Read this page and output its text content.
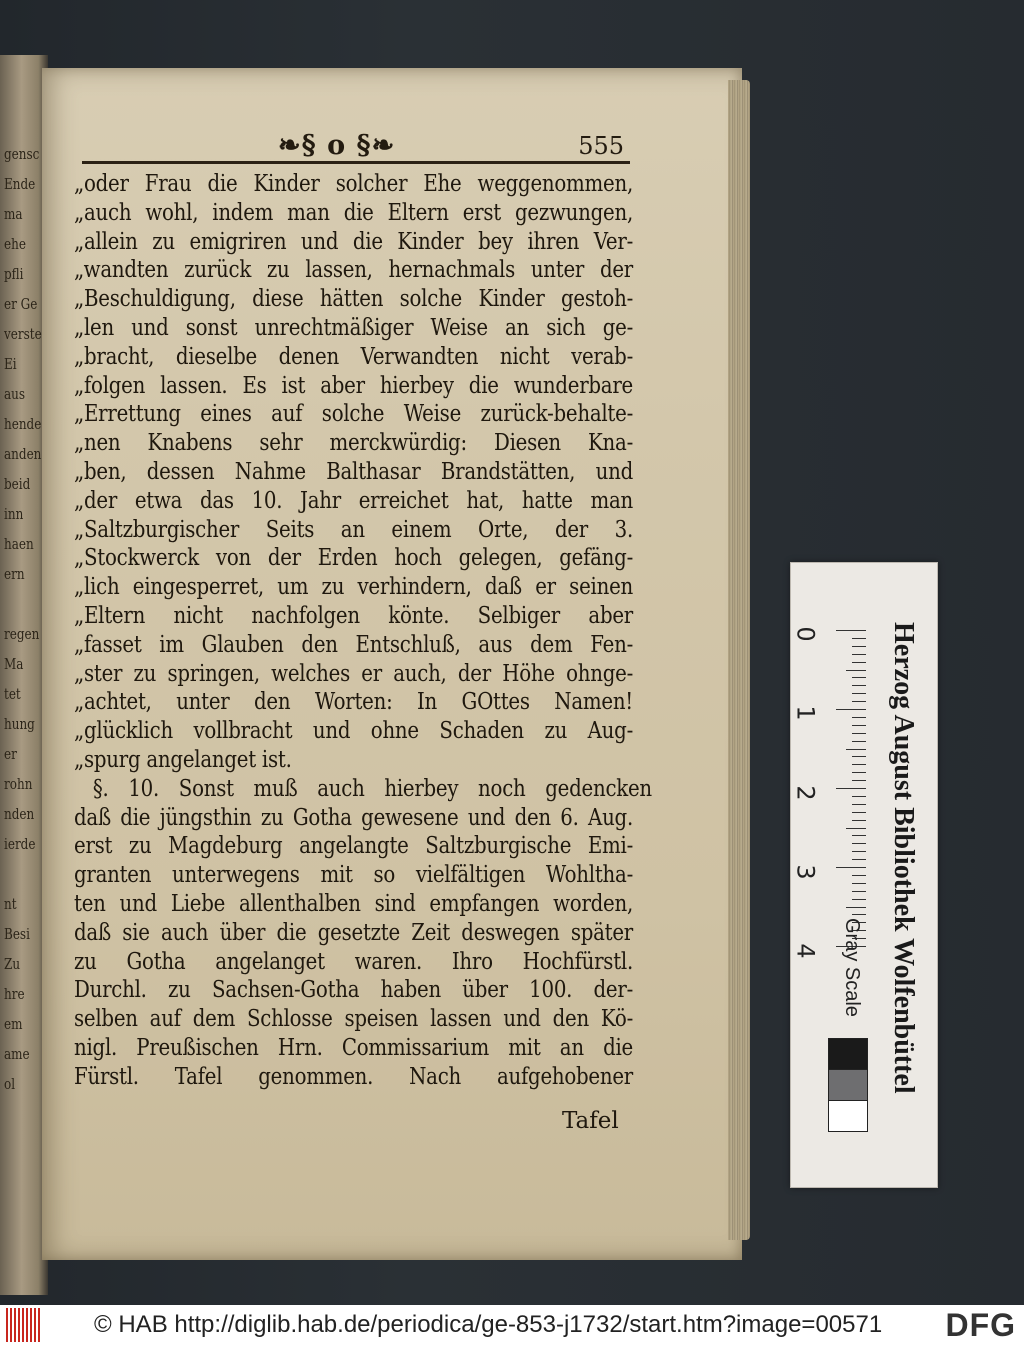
gensc
Ende
ma
ehe
pfli
er Ge
verste
Ei
aus
hende
anden
beid
inn
haen
ern
regen
Ma
tet
hung
er
rohn
nden
ierde
nt
Besi
Zu
hre
em
ame
ol
❧§ o §❧	555
„oder Frau die Kinder solcher Ehe weggenommen,
„auch wohl, indem man die Eltern erst gezwungen,
„allein zu emigriren und die Kinder bey ihren Ver-
„wandten zurück zu lassen, hernachmals unter der
„Beschuldigung, diese hätten solche Kinder gestoh-
„len und sonst unrechtmäßiger Weise an sich ge-
„bracht, dieselbe denen Verwandten nicht verab-
„folgen lassen. Es ist aber hierbey die wunderbare
„Errettung eines auf solche Weise zurück-behalte-
„nen Knabens sehr merckwürdig: Diesen Kna-
„ben, dessen Nahme Balthasar Brandstätten, und
„der etwa das 10. Jahr erreichet hat, hatte man
„Saltzburgischer Seits an einem Orte, der 3.
„Stockwerck von der Erden hoch gelegen, gefäng-
„lich eingesperret, um zu verhindern, daß er seinen
„Eltern nicht nachfolgen könte. Selbiger aber
„fasset im Glauben den Entschluß, aus dem Fen-
„ster zu springen, welches er auch, der Höhe ohnge-
„achtet, unter den Worten: In GOttes Namen!
„glücklich vollbracht und ohne Schaden zu Aug-
„spurg angelanget ist.
§. 10. Sonst muß auch hierbey noch gedencken
daß die jüngsthin zu Gotha gewesene und den 6. Aug.
erst zu Magdeburg angelangte Saltzburgische Emi-
granten unterwegens mit so vielfältigen Wohltha-
ten und Liebe allenthalben sind empfangen worden,
daß sie auch über die gesetzte Zeit deswegen später
zu Gotha angelanget waren. Ihro Hochfürstl.
Durchl. zu Sachsen-Gotha haben über 100. der-
selben auf dem Schlosse speisen lassen und den Kö-
nigl. Preußischen Hrn. Commissarium mit an die
Fürstl. Tafel genommen. Nach aufgehobener
Tafel
0
1
2
3
4	Herzog August Bibliothek Wolfenbüttel
Gray Scale
© HAB http://diglib.hab.de/periodica/ge-853-j1732/start.htm?image=00571 DFG
